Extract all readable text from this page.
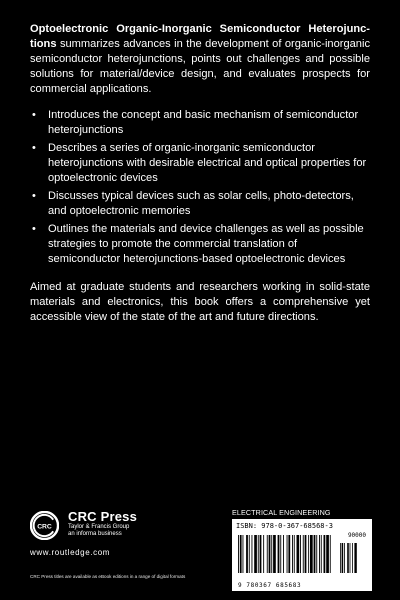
Optoelectronic Organic-Inorganic Semiconductor Heterojunc-tions summarizes advances in the development of organic-inorganic semiconductor heterojunctions, points out challenges and possible solutions for material/device design, and evaluates prospects for commercial applications.

• Introduces the concept and basic mechanism of semiconductor heterojunctions
• Describes a series of organic-inorganic semiconductor heterojunctions with desirable electrical and optical properties for optoelectronic devices
• Discusses typical devices such as solar cells, photo-detectors, and optoelectronic memories
• Outlines the materials and device challenges as well as possible strategies to promote the commercial translation of semiconductor heterojunctions-based optoelectronic devices

Aimed at graduate students and researchers working in solid-state materials and electronics, this book offers a comprehensive yet accessible view of the state of the art and future directions.

CRC
CRC Press
Taylor & Francis Group
an informa business
www.routledge.com
CRC Press titles are available as eBook editions in a range of digital formats
ELECTRICAL ENGINEERING
ISBN: 978-0-367-68568-3
90000
9 780367 685683
